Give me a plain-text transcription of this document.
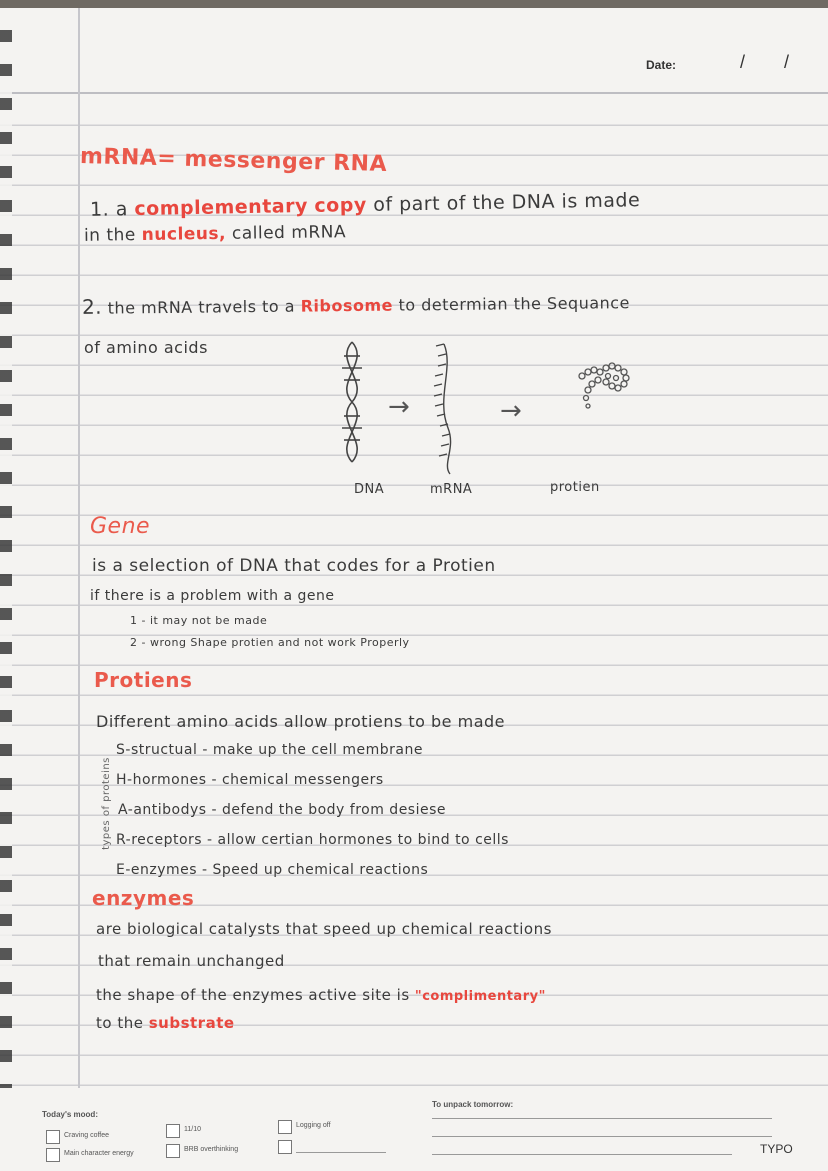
Date:	/ /
mRNA= messenger RNA
1. a complementary copy of part of the DNA is made
in the nucleus, called mRNA
2. the mRNA travels to a Ribosome to determian the Sequance
of amino acids
→	→
DNA	mRNA	protien
Gene
is a selection of DNA that codes for a Protien
if there is a problem with a gene
1 - it may not be made
2 - wrong Shape protien and not work Properly
Protiens
Different amino acids allow protiens to be made
types of proteins
S-structual - make up the cell membrane
H-hormones - chemical messengers
A-antibodys - defend the body from desiese
R-receptors - allow certian hormones to bind to cells
E-enzymes - Speed up chemical reactions
enzymes
are biological catalysts that speed up chemical reactions
that remain unchanged
the shape of the enzymes active site is "complimentary"
to the substrate
Today's mood:
Craving coffee
Main character energy
11/10
BRB overthinking
Logging off
To unpack tomorrow:
TYPO
